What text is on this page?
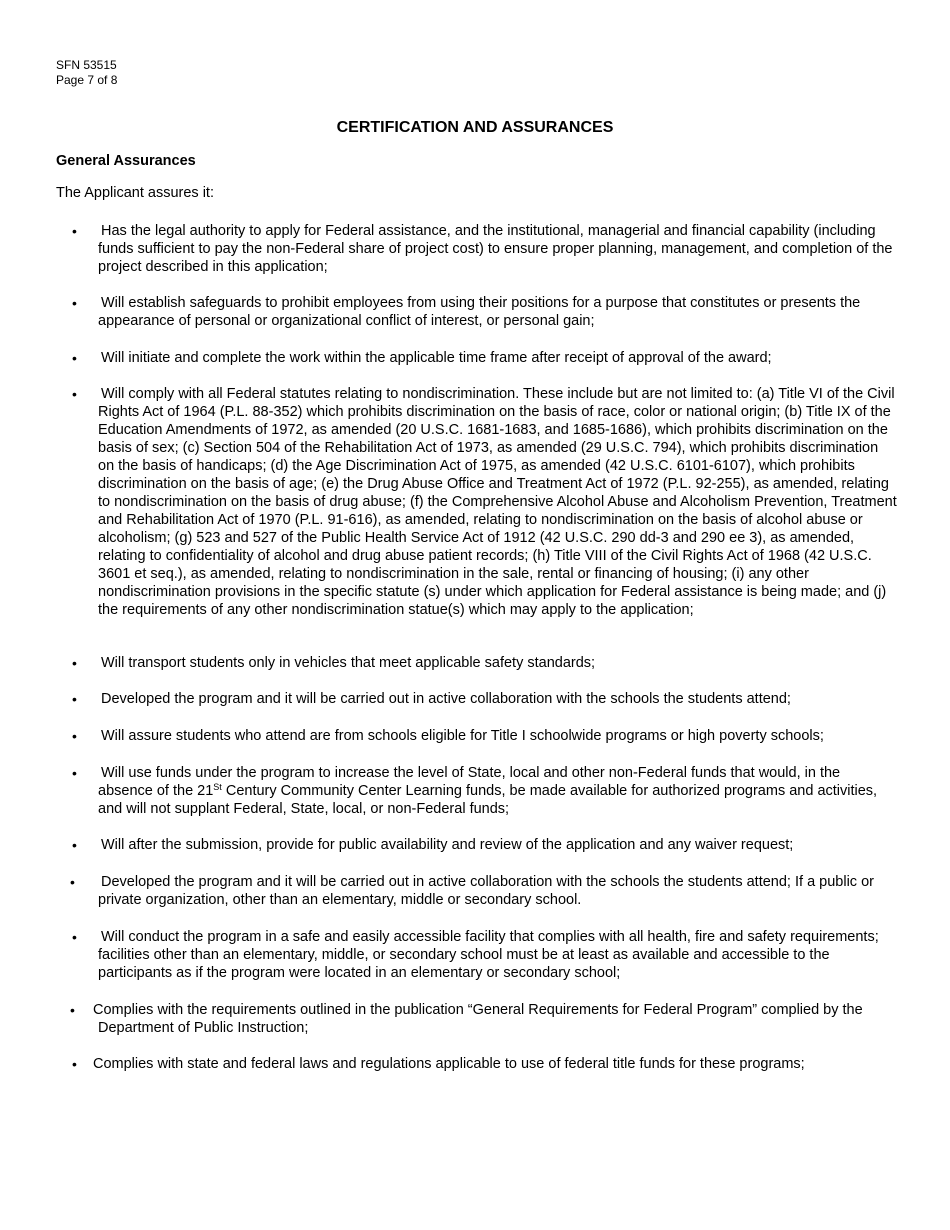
SFN 53515
Page 7 of 8
CERTIFICATION AND ASSURANCES
General Assurances
The Applicant assures it:
• Has the legal authority to apply for Federal assistance, and the institutional, managerial and financial capability (including funds sufficient to pay the non-Federal share of project cost) to ensure proper planning, management, and completion of the project described in this application;
• Will establish safeguards to prohibit employees from using their positions for a purpose that constitutes or presents the appearance of personal or organizational conflict of interest, or personal gain;
• Will initiate and complete the work within the applicable time frame after receipt of approval of the award;
• Will comply with all Federal statutes relating to nondiscrimination. These include but are not limited to: (a) Title VI of the Civil Rights Act of 1964 (P.L. 88-352) which prohibits discrimination on the basis of race, color or national origin; (b) Title IX of the Education Amendments of 1972, as amended (20 U.S.C. 1681-1683, and 1685-1686), which prohibits discrimination on the basis of sex; (c) Section 504 of the Rehabilitation Act of 1973, as amended (29 U.S.C. 794), which prohibits discrimination on the basis of handicaps; (d) the Age Discrimination Act of 1975, as amended (42 U.S.C. 6101-6107), which prohibits discrimination on the basis of age; (e) the Drug Abuse Office and Treatment Act of 1972 (P.L. 92-255), as amended, relating to nondiscrimination on the basis of drug abuse; (f) the Comprehensive Alcohol Abuse and Alcoholism Prevention, Treatment and Rehabilitation Act of 1970 (P.L. 91-616), as amended, relating to nondiscrimination on the basis of alcohol abuse or alcoholism; (g) 523 and 527 of the Public Health Service Act of 1912 (42 U.S.C. 290 dd-3 and 290 ee 3), as amended, relating to confidentiality of alcohol and drug abuse patient records; (h) Title VIII of the Civil Rights Act of 1968 (42 U.S.C. 3601 et seq.), as amended, relating to nondiscrimination in the sale, rental or financing of housing; (i) any other nondiscrimination provisions in the specific statute (s) under which application for Federal assistance is being made; and (j) the requirements of any other nondiscrimination statue(s) which may apply to the application;
• Will transport students only in vehicles that meet applicable safety standards;
• Developed the program and it will be carried out in active collaboration with the schools the students attend;
• Will assure students who attend are from schools eligible for Title I schoolwide programs or high poverty schools;
• Will use funds under the program to increase the level of State, local and other non-Federal funds that would, in the absence of the 21St Century Community Center Learning funds, be made available for authorized programs and activities, and will not supplant Federal, State, local, or non-Federal funds;
• Will after the submission, provide for public availability and review of the application and any waiver request;
• Developed the program and it will be carried out in active collaboration with the schools the students attend; If a public or private organization, other than an elementary, middle or secondary school.
• Will conduct the program in a safe and easily accessible facility that complies with all health, fire and safety requirements; facilities other than an elementary, middle, or secondary school must be at least as available and accessible to the participants as if the program were located in an elementary or secondary school;
• Complies with the requirements outlined in the publication “General Requirements for Federal Program” complied by the Department of Public Instruction;
• Complies with state and federal laws and regulations applicable to use of federal title funds for these programs;
